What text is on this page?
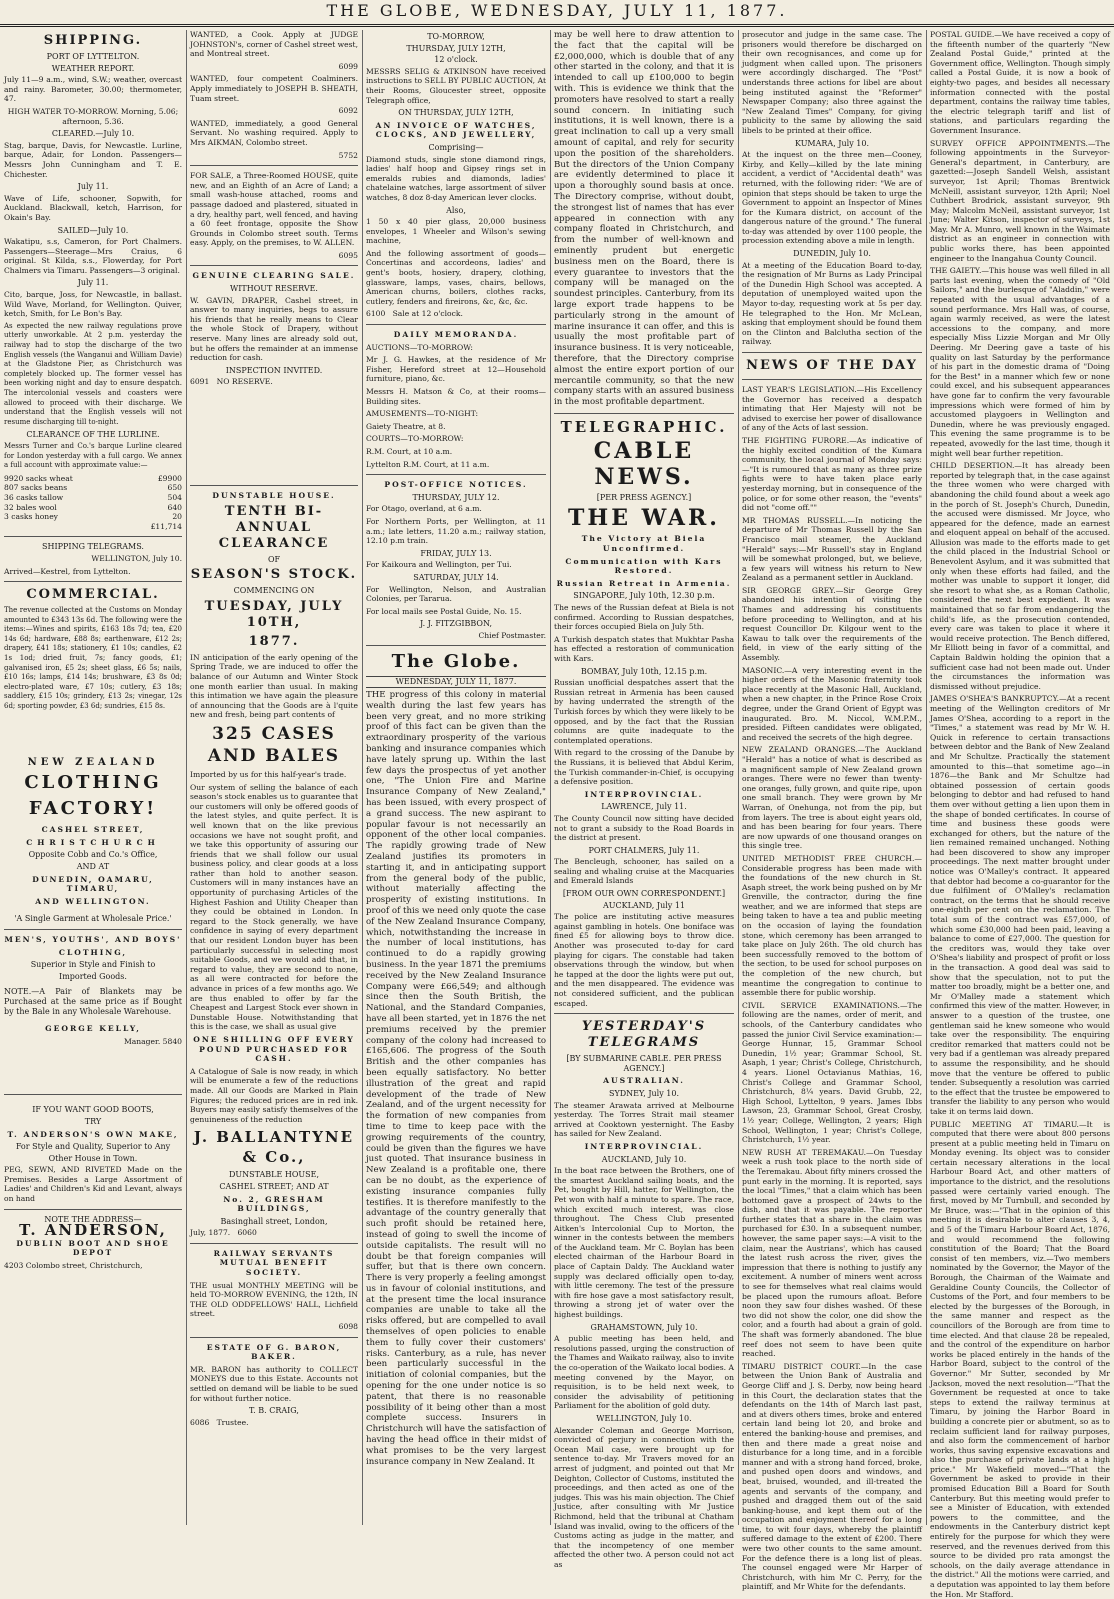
THE GLOBE, WEDNESDAY, JULY 11, 1877.
SHIPPING.
PORT OF LYTTELTON.
WEATHER REPORT.

July 11—9 a.m., wind, S.W.; weather, overcast and rainy. Barometer, 30.00; thermometer, 47.

HIGH WATER TO-MORROW. Morning, 5.06; afternoon, 5.36.

CLEARED.—July 10.

Stag, barque, Davis, for Newcastle. Lurline, barque, Adair, for London. Passengers—Messrs John Cunningham and T. E. Chichester.

July 11.

Wave of Life, schooner, Sopwith, for Auckland. Blackwall, ketch, Harrison, for Okain's Bay.

SAILED—July 10.

Wakatipu, s.s, Cameron, for Port Chalmers. Passengers—Steerage—Mrs Craius, 6 original. St Kilda, s.s., Flowerday, for Port Chalmers via Timaru. Passengers—3 original.

July 11.

Cito, barque, Joss, for Newcastle, in ballast. Wild Wave, Morland, for Wellington. Quiver, ketch, Smith, for Le Bon's Bay.

As expected the new railway regulations prove utterly unworkable. At 2 p.m. yesterday the railway had to stop the discharge of the two English vessels (the Wanganui and William Davie) at the Gladstone Pier, as Christchurch was completely blocked up. The former vessel has been working night and day to ensure despatch. The intercolonial vessels and coasters were allowed to proceed with their discharge. We understand that the English vessels will not resume discharging till to-night.

CLEARANCE OF THE LURLINE.

Messrs Turner and Co.'s barque Lurline cleared for London yesterday with a full cargo. We annex a full account with approximate value:—

9920 sacks wheat	£9900
807 sacks beans	650
36 casks tallow	504
32 bales wool	640
3 casks honey	20
	£11,714
SHIPPING TELEGRAMS.

WELLINGTON, July 10.

Arrived—Kestrel, from Lyttelton.

COMMERCIAL.

The revenue collected at the Customs on Monday amounted to £343 13s 6d. The following were the items:—Wines and spirits, £163 18s 7d; tea, £20 14s 6d; hardware, £88 8s; earthenware, £12 2s; drapery, £41 18s; stationery, £1 10s; candles, £2 1s 1od; dried fruit, 7s; fancy goods, £1; galvanised iron, £5 2s; sheet glass, £6 5s; nails, £10 16s; lamps, £14 14s; brushware, £3 8s 0d; electro-plated ware, £7 10s; cutlery, £3 18s; saddlery, £15 10s; grindery, £13 2s; vinegar, 12s 6d; sporting powder, £3 6d; sundries, £15 8s.

NEW ZEALAND
CLOTHING FACTORY!
CASHEL STREET,
CHRISTCHURCH
Opposite Cobb and Co.'s Office,
AND AT
DUNEDIN, OAMARU, TIMARU,
AND WELLINGTON.
'A Single Garment at Wholesale Price.'
MEN'S, YOUTHS', AND BOYS'
CLOTHING,
Superior in Style and Finish to
Imported Goods.

NOTE.—A Pair of Blankets may be Purchased at the same price as if Bought by the Bale in any Wholesale Warehouse.

GEORGE KELLY,

Manager. 5840

IF YOU WANT GOOD BOOTS,
TRY
T. ANDERSON'S OWN MAKE,
For Style and Quality, Superior to Any
Other House in Town.

PEG, SEWN, AND RIVETED Made on the Premises. Besides a Large Assortment of Ladies' and Children's Kid and Levant, always on hand

NOTE THE ADDRESS—
T. ANDERSON,
DUBLIN BOOT AND SHOE DEPOT

4203 Colombo street, Christchurch,

WANTED, a Cook. Apply at JUDGE JOHNSTON's, corner of Cashel street west, and Montreal street.

6099

WANTED, four competent Coalminers. Apply immediately to JOSEPH B. SHEATH, Tuam street.

6092

WANTED, immediately, a good General Servant. No washing required. Apply to Mrs AIKMAN, Colombo street.

5752

FOR SALE, a Three-Roomed HOUSE, quite new, and an Eighth of an Acre of Land; a small wash-house attached, rooms and passage dadoed and plastered, situated in a dry, healthy part, well fenced, and having a 60 feet frontage, opposite the Show Grounds in Colombo street south. Terms easy. Apply, on the premises, to W. ALLEN.

6095

GENUINE CLEARING SALE.
WITHOUT RESERVE.

W. GAVIN, DRAPER, Cashel street, in answer to many inquiries, begs to assure his friends that he really means to Clear the whole Stock of Drapery, without reserve. Many lines are already sold out, but he offers the remainder at an immense reduction for cash.

INSPECTION INVITED.

6091 NO RESERVE.

DUNSTABLE HOUSE.
TENTH BI-ANNUAL CLEARANCE
OF
SEASON'S STOCK.
COMMENCING ON
TUESDAY, JULY 10TH,
1877.

IN anticipation of the early opening of the Spring Trade, we are induced to offer the balance of our Autumn and Winter Stock one month earlier than usual. In making this intimation we have again the pleasure of announcing that the Goods are à l'quite new and fresh, being part contents of

325 CASES AND BALES

Imported by us for this half-year's trade.

Our system of selling the balance of each season's stock enables us to guarantee that our customers will only be offered goods of the latest styles, and quite perfect. It is well known that on the like previous occasions we have not sought profit, and we take this opportunity of assuring our friends that we shall follow our usual business policy, and clear goods at a loss rather than hold to another season. Customers will in many instances have an opportunity of purchasing Articles of the Highest Fashion and Utility Cheaper than they could be obtained in London. In regard to the Stock generally, we have confidence in saying of every department that our resident London buyer has been particularly successful in selecting most suitable Goods, and we would add that, in regard to value, they are second to none, as all were contracted for before the advance in prices of a few months ago. We are thus enabled to offer by far the Cheapest and Largest Stock ever shown in Dunstable House. Notwithstanding that this is the case, we shall as usual give

ONE SHILLING OFF EVERY POUND PURCHASED FOR CASH.

A Catalogue of Sale is now ready, in which will be enumerate a few of the reductions made. All our Goods are Marked in Plain Figures; the reduced prices are in red ink. Buyers may easily satisfy themselves of the genuineness of the reduction

J. BALLANTYNE & Co.,
DUNSTABLE HOUSE,
CASHEL STREET; AND AT
No. 2, GRESHAM BUILDINGS,
Basinghall street, London,

July, 1877. 6060

RAILWAY SERVANTS MUTUAL BENEFIT SOCIETY.

THE usual MONTHLY MEETING will be held TO-MORROW EVENING, the 12th, IN THE OLD ODDFELLOWS' HALL, Lichfield street.

6098

ESTATE OF G. BARON, BAKER.

MR. BARON has authority to COLLECT MONEYS due to this Estate. Accounts not settled on demand will be liable to be sued for without further notice.

T. B. CRAIG,

6086 Trustee.

TO-MORROW,
THURSDAY, JULY 12TH,
12 o'clock.

MESSRS SELIG & ATKINSON have received instructions to SELL BY PUBLIC AUCTION, At their Rooms, Gloucester street, opposite Telegraph office,

ON THURSDAY, JULY 12TH,
AN INVOICE OF WATCHES, CLOCKS, AND JEWELLERY,
Comprising—

Diamond studs, single stone diamond rings, ladies' half hoop and Gipsey rings set in emeralds rubies and diamonds, ladies' chatelaine watches, large assortment of silver watches, 8 doz 8-day American lever clocks.

Also,

1 50 x 40 pier glass, 20,000 business envelopes, 1 Wheeler and Wilson's sewing machine,

And the following assortment of goods—Concertinas and accordeons, ladies' and gent's boots, hosiery, drapery, clothing, glassware, lamps, vases, chairs, bellows, American churns, boilers, clothes racks, cutlery, fenders and fireirons, &c, &c, &c.

6100 Sale at 12 o'clock.

DAILY MEMORANDA.

AUCTIONS—TO-MORROW:

Mr J. G. Hawkes, at the residence of Mr Fisher, Hereford street at 12—Household furniture, piano, &c.

Messrs H. Matson & Co, at their rooms—Building sites.

AMUSEMENTS—TO-NIGHT:

Gaiety Theatre, at 8.

COURTS—TO-MORROW:

R.M. Court, at 10 a.m.

Lyttelton R.M. Court, at 11 a.m.

POST-OFFICE NOTICES.
THURSDAY, JULY 12.

For Otago, overland, at 6 a.m.

For Northern Ports, per Wellington, at 11 a.m.; late letters, 11.20 a.m.; railway station, 12.10 p.m train.

FRIDAY, JULY 13.

For Kaikoura and Wellington, per Tui.

SATURDAY, JULY 14.

For Wellington, Nelson, and Australian Colonies, per Tararua.

For local mails see Postal Guide, No. 15.

J. J. FITZGIBBON,

Chief Postmaster.

The Globe.
WEDNESDAY, JULY 11, 1877.

THE progress of this colony in material wealth during the last few years has been very great, and no more striking proof of this fact can be given than the extraordinary prosperity of the various banking and insurance companies which have lately sprung up. Within the last few days the prospectus of yet another one, "The Union Fire and Marine Insurance Company of New Zealand," has been issued, with every prospect of a grand success. The new aspirant to popular favour is not necessarily an opponent of the other local companies. The rapidly growing trade of New Zealand justifies its promoters in starting it, and in anticipating support from the general body of the public, without materially affecting the prosperity of existing institutions. In proof of this we need only quote the case of the New Zealand Insurance Company, which, notwithstanding the increase in the number of local institutions, has continued to do a rapidly growing business. In the year 1871 the premiums received by the New Zealand Insurance Company were £66,549; and although since then the South British, the National, and the Standard Companies, have all been started, yet in 1876 the net premiums received by the premier company of the colony had increased to £165,606. The progress of the South British and the other companies has been equally satisfactory. No better illustration of the great and rapid development of the trade of New Zealand, and of the urgent necessity for the formation of new companies from time to time to keep pace with the growing requirements of the country, could be given than the figures we have just quoted. That insurance business in New Zealand is a profitable one, there can be no doubt, as the experience of existing insurance companies fully testifies. It is therefore manifestly to the advantage of the country generally that such profit should be retained here, instead of going to swell the income of outside capitalists. The result will no doubt be that foreign companies will suffer, but that is there own concern. There is very properly a feeling amongst us in favour of colonial institutions, and at the present time the local insurance companies are unable to take all the risks offered, but are compelled to avail themselves of open policies to enable them to fully cover their customers' risks. Canterbury, as a rule, has never been particularly successful in the initiation of colonial companies, but the opening for the one under notice is so patent, that there is no reasonable possibility of it being other than a most complete success. Insurers in Christchurch will have the satisfaction of having the head office in their midst of what promises to be the very largest insurance company in New Zealand. It

may be well here to draw attention to the fact that the capital will be £2,000,000, which is double that of any other started in the colony, and that it is intended to call up £100,000 to begin with. This is evidence we think that the promoters have resolved to start a really sound concern. In initiating such institutions, it is well known, there is a great inclination to call up a very small amount of capital, and rely for security upon the position of the shareholders. But the directors of the Union Company are evidently determined to place it upon a thoroughly sound basis at once. The Directory comprise, without doubt, the strongest list of names that has ever appeared in connection with any company floated in Christchurch, and from the number of well-known and eminently prudent but energetic business men on the Board, there is every guarantee to investors that the company will be managed on the soundest principles. Canterbury, from its large export trade happens to be particularly strong in the amount of marine insurance it can offer, and this is usually the most profitable part of insurance business. It is very noticeable, therefore, that the Directory comprise almost the entire export portion of our mercantile community, so that the new company starts with an assured business in the most profitable department.

TELEGRAPHIC.
CABLE NEWS.
[PER PRESS AGENCY.]
THE WAR.
The Victory at Biela Unconfirmed.
Communication with Kars Restored.
Russian Retreat in Armenia.
SINGAPORE, July 10th, 12.30 p.m.

The news of the Russian defeat at Biela is not confirmed. According to Russian despatches, their forces occupied Biela on July 5th.

A Turkish despatch states that Mukhtar Pasha has effected a restoration of communication with Kars.

BOMBAY, July 10th, 12.15 p.m.

Russian unofficial despatches assert that the Russian retreat in Armenia has been caused by having underrated the strength of the Turkish forces by which they were likely to be opposed, and by the fact that the Russian columns are quite inadequate to the contemplated operations.

With regard to the crossing of the Danube by the Russians, it is believed that Abdul Kerim, the Turkish commander-in-Chief, is occupying a defensive position.

INTERPROVINCIAL.
LAWRENCE, July 11.

The County Council now sitting have decided not to grant a subsidy to the Road Boards in the district at present.

PORT CHALMERS, July 11.

The Bencleugh, schooner, has sailed on a sealing and whaling cruise at the Macquaries and Emerald Islands

[FROM OUR OWN CORRESPONDENT.]
AUCKLAND, July 11

The police are instituting active measures against gambling in hotels. One boniface was fined £5 for allowing boys to throw dice. Another was prosecuted to-day for card playing for cigars. The constable had taken observations through the window, but when he tapped at the door the lights were put out, and the men disappeared. The evidence was not considered sufficient, and the publican escaped.

YESTERDAY'S TELEGRAMS
[BY SUBMARINE CABLE. PER PRESS AGENCY.]
AUSTRALIAN.
SYDNEY, July 10.

The steamer Arawata arrived at Melbourne yesterday. The Torres Strait mail steamer arrived at Cooktown yesternight. The Easby has sailed for New Zealand.

INTERPROVINCIAL.
AUCKLAND, July 10.

In the boat race between the Brothers, one of the smartest Auckland sailing boats, and the Pet, bought by Hill, hatter, for Wellington, the Pet won with half a minute to spare. The race, which excited much interest, was close throughout. The Chess Club presented Aitken's Intercolonial Cup to Morton, the winner in the contests between the members of the Auckland team. Mr C. Boylan has been elected chairman of the Harbour Board in place of Captain Daldy. The Auckland water supply was declared officially open to-day, with little ceremony. The test of the pressure with fire hose gave a most satisfactory result, throwing a strong jet of water over the highest buildings.

GRAHAMSTOWN, July 10.

A public meeting has been held, and resolutions passed, urging the construction of the Thames and Waikato railway, also to invite the co-operation of the Waikato local bodies. A meeting convened by the Mayor, on requisition, is to be held next week, to consider the advisability of petitioning Parliament for the abolition of gold duty.

WELLINGTON, July 10.

Alexander Coleman and George Morrison, convicted of perjury in connection with the Ocean Mail case, were brought up for sentence to-day. Mr Travers moved for an arrest of judgment, and pointed out that Mr Deighton, Collector of Customs, instituted the proceedings, and then acted as one of the judges. This was his main objection. The Chief Justice, after consulting with Mr Justice Richmond, held that the tribunal at Chatham Island was invalid, owing to the officers of the Customs acting as judge in the matter, and that the incompetency of one member affected the other two. A person could not act as

prosecutor and judge in the same case. The prisoners would therefore be discharged on their own recognisances, and come up for judgment when called upon. The prisoners were accordingly discharged. The "Post" understands three actions for libel are about being instituted against the "Reformer" Newspaper Company; also three against the "New Zealand Times" Company, for giving publicity to the same by allowing the said libels to be printed at their office.

KUMARA, July 10.

At the inquest on the three men—Cooney, Kirby, and Kelly—killed by the late mining accident, a verdict of "Accidental death" was returned, with the following rider: "We are of opinion that steps should be taken to urge the Government to appoint an Inspector of Mines for the Kumara district, on account of the dangerous nature of the ground." The funeral to-day was attended by over 1100 people, the procession extending above a mile in length.

DUNEDIN, July 10.

At a meeting of the Education Board to-day, the resignation of Mr Burns as Lady Principal of the Dunedin High School was accepted. A deputation of unemployed waited upon the Mayor to-day, requesting work at 5s per day. He telegraphed to the Hon. Mr McLean, asking that employment should be found them on the Clinton and Balclutha section of the railway.

NEWS OF THE DAY

LAST YEAR'S LEGISLATION.—His Excellency the Governor has received a despatch intimating that Her Majesty will not be advised to exercise her power of disallowance of any of the Acts of last session.

THE FIGHTING FURORE.—As indicative of the highly excited condition of the Kumara community, the local journal of Monday says:—"It is rumoured that as many as three prize fights were to have taken place early yesterday morning, but in consequence of the police, or for some other reason, the "events" did not "come off.""

MR THOMAS RUSSELL.—In noticing the departure of Mr Thomas Russell by the San Francisco mail steamer, the Auckland "Herald" says:—Mr Russell's stay in England will be somewhat prolonged, but, we believe, a few years will witness his return to New Zealand as a permanent settler in Auckland.

SIR GEORGE GREY.—Sir George Grey abandoned his intention of visiting the Thames and addressing his constituents before proceeding to Wellington, and at his request Councillor Dr. Kilgour went to the Kawau to talk over the requirements of the field, in view of the early sitting of the Assembly.

MASONIC.—A very interesting event in the higher orders of the Masonic fraternity took place recently at the Masonic Hall, Auckland, when a new chapter, in the Prince Rose Croix degree, under the Grand Orient of Egypt was inaugurated. Bro. M. Niccol, W.M.P.M., presided. Fifteen candidates were obligated, and received the secrets of the high degree.

NEW ZEALAND ORANGES.—The Auckland "Herald" has a notice of what is described as a magnificent sample of New Zealand grown oranges. There were no fewer than twenty-one oranges, fully grown, and quite ripe, upon one small branch. They were grown by Mr Warran, of Onehunga, not from the pip, but from layers. The tree is about eight years old, and has been bearing for four years. There are now upwards of one thousand oranges on this single tree.

UNITED METHODIST FREE CHURCH.—Considerable progress has been made with the foundations of the new church in St. Asaph street, the work being pushed on by Mr Grenville, the contractor, during the fine weather, and we are informed that steps are being taken to have a tea and public meeting on the occasion of laying the foundation stone, which ceremony has been arranged to take place on July 26th. The old church has been successfully removed to the bottom of the section, to be used for school purposes on the completion of the new church, but meantime the congregation to continue to assemble there for public worship.

CIVIL SERVICE EXAMINATIONS.—The following are the names, order of merit, and schools, of the Canterbury candidates who passed the junior Civil Service examination:—George Hunnar, 15, Grammar School Dunedin, 1½ year; Grammar School, St. Asaph, 1 year; Christ's College, Christchurch, 4 years. Lionel Octavianus Mathias, 16, Christ's College and Grammar School, Christchurch, 8¼ years. David Grubb, 22, High School, Lyttelton, 9 years. James Ibbs Lawson, 23, Grammar School, Great Crosby, 1½ year; College, Wellington, 2 years; High School, Wellington, 1 year; Christ's College, Christchurch, 1½ year.

NEW RUSH AT TEREMAKAU.—On Tuesday week a rush took place to the north side of the Teremakau. About fifty miners crossed the punt early in the morning. It is reported, says the local "Times," that a claim which has been bottomed gave a prospect of 24wts to the dish, and that it was payable. The reporter further states that a share in the claim was purchased for £30. In a subsequent number, however, the same paper says:—A visit to the claim, near the Austrians', which has caused the latest rush across the river, gives the impression that there is nothing to justify any excitement. A number of miners went across to see for themselves what real claims would be placed upon the rumours afloat. Before noon they saw four dishes washed. Of these two did not show the color, one did show the color, and a fourth had about a grain of gold. The shaft was formerly abandoned. The blue reef does not seem to have been quite reached.

TIMARU DISTRICT COURT.—In the case between the Union Bank of Australia and George Cliff and J. S. Derby, now being heard in this Court, the declaration states that the defendants on the 14th of March last past, and at divers others times, broke and entered certain land being lot 20, and broke and entered the banking-house and premises, and then and there made a great noise and disturbance for a long time, and in a forcible manner and with a strong hand forced, broke, and pushed open doors and windows, and beat, bruised, wounded, and ill-treated the agents and servants of the company, and pushed and dragged them out of the said banking-house, and kept them out of the occupation and enjoyment thereof for a long time, to wit four days, whereby the plaintiff suffered damage to the extent of £200. There were two other counts to the same amount. For the defence there is a long list of pleas. The counsel engaged were Mr Harper of Christchurch, with him Mr C. Perry, for the plaintiff, and Mr White for the defendants.

POSTAL GUIDE.—We have received a copy of the fifteenth number of the quarterly "New Zealand Postal Guide," printed at the Government office, Wellington. Though simply called a Postal Guide, it is now a book of eighty-two pages, and besides all necessary information connected with the postal department, contains the railway time tables, the electric telegraph tariff and list of stations, and particulars regarding the Government Insurance.

SURVEY OFFICE APPOINTMENTS.—The following appointments in the Surveyor-General's department, in Canterbury, are gazetted:—Joseph Sandell Welsh, assistant surveyor, 1st April; Thomas Brentwick McNeill, assistant surveyor, 12th April; Noel Cuthbert Brodrick, assistant surveyor, 9th May; Malcolm McNeil, assistant surveyor, 1st June; Walter Kitson, inspector of surveys, 1st May. Mr A. Munro, well known in the Waimate district as an engineer in connection with public works there, has been appointed engineer to the Inangahua County Council.

THE GAIETY.—This house was well filled in all parts last evening, when the comedy of "Old Sailors," and the burlesque of "Aladdin," were repeated with the usual advantages of a sound performance. Mrs Hall was, of course, again warmly received, as were the latest accessions to the company, and more especially Miss Lizzie Morgan and Mr Olly Deering. Mr Deering gave a taste of his quality on last Saturday by the performance of his part in the domestic drama of "Doing for the Best" in a manner which few or none could excel, and his subsequent appearances have gone far to confirm the very favourable impressions which were formed of him by accustomed playgoers in Wellington and Dunedin, where he was previously engaged. This evening the same programme is to be repeated, avowedly for the last time, though it might well bear further repetition.

CHILD DESERTION.—It has already been reported by telegraph that, in the case against the three women who were charged with abandoning the child found about a week ago in the porch of St. Joseph's Church, Dunedin, the accused were dismissed. Mr Joyce, who appeared for the defence, made an earnest and eloquent appeal on behalf of the accused. Allusion was made to the efforts made to get the child placed in the Industrial School or Benevolent Asylum, and it was submitted that only when these efforts had failed, and the mother was unable to support it longer, did she resort to what she, as a Roman Catholic, considered the next best expedient. It was maintained that so far from endangering the child's life, as the prosecution contended, every care was taken to place it where it would receive protection. The Bench differed, Mr Elliott being in favor of a committal, and Captain Baldwin holding the opinion that a sufficient case had not been made out. Under the circumstances the information was dismissed without prejudice.

JAMES O'SHEA'S BANKRUPTCY.—At a recent meeting of the Wellington creditors of Mr James O'Shea, according to a report in the "Times," a statement was read by Mr W. H. Quick in reference to certain transactions between debtor and the Bank of New Zealand and Mr Schultze. Practically the statement amounted to this—that sometime ago—in 1876—the Bank and Mr Schultze had obtained possession of certain goods belonging to debtor and had refused to hand them over without getting a lien upon them in the shape of bonded certificates. In course of time and business these goods were exchanged for others, but the nature of the lien remained remained unchanged. Nothing had been discovered to show any improper proceedings. The next matter brought under notice was O'Malley's contract. It appeared that debtor had become a co-guarantor for the due fulfilment of O'Malley's reclamation contract, on the terms that he should receive one-eighth per cent on the reclamation. The total sum of the contract was £57,000, of which some £30,000 had been paid, leaving a balance to come of £27,000. The question for the creditors was, would they take over O'Shea's liability and prospect of profit or loss in the transaction. A good deal was said to show that the speculation, not to put the matter too broadly, might be a better one, and Mr O'Malley made a statement which confirmed this view of the matter. However, in answer to a question of the trustee, one gentleman said he knew someone who would take over the responsibility. The enquiring creditor remarked that matters could not be very bad if a gentleman was already prepared to assume the responsibility, and he should move that the venture be offered to public tender. Subsequently a resolution was carried to the effect that the trustee be empowered to transfer the liability to any person who would take it on terms laid down.

PUBLIC MEETING AT TIMARU.—It is computed that there were about 800 persons present at a public meeting held in Timaru on Monday evening. Its object was to consider certain necessary alterations in the local Harbour Board Act, and other matters of importance to the district, and the resolutions passed were certainly varied enough. The first, moved by Mr Turnbull, and seconded by Mr Bruce, was:—"That in the opinion of this meeting it is desirable to alter clauses 3, 4, and 5 of the Timaru Harbour Board Act, 1876, and would recommend the following constitution of the Board; That the Board consist of ten members, viz.—Two members nominated by the Governor, the Mayor of the Borough, the Chairman of the Waimate and Geraldine County Councils, the Collector of Customs of the Port, and four members to be elected by the burgesses of the Borough, in the same manner and respect as the councillors of the Borough are from time to time elected. And that clause 28 be repealed, and the control of the expenditure on harbor works be placed entirely in the hands of the Harbor Board, subject to the control of the Governor." Mr Sutter, seconded by Mr Jackson, moved the next resolution—"That the Government be requested at once to take steps to extend the railway terminus at Timaru, by joining the Harbor Board in building a concrete pier or abutment, so as to reclaim sufficient land for railway purposes, and also form the commencement of harbor works, thus saving expensive excavations and also the purchase of private lands at a high price." Mr Wakefield moved—"That the Government be asked to provide in their promised Education Bill a Board for South Canterbury. But this meeting would prefer to see a Minister of Education, with extended powers to the committee, and the endowments in the Canterbury district kept entirely for the purpose for which they were reserved, and the revenues derived from this source to be divided pro rata amongst the schools, on the daily average attendance in the district." All the motions were carried, and a deputation was appointed to lay them before the Hon. Mr Stafford.
